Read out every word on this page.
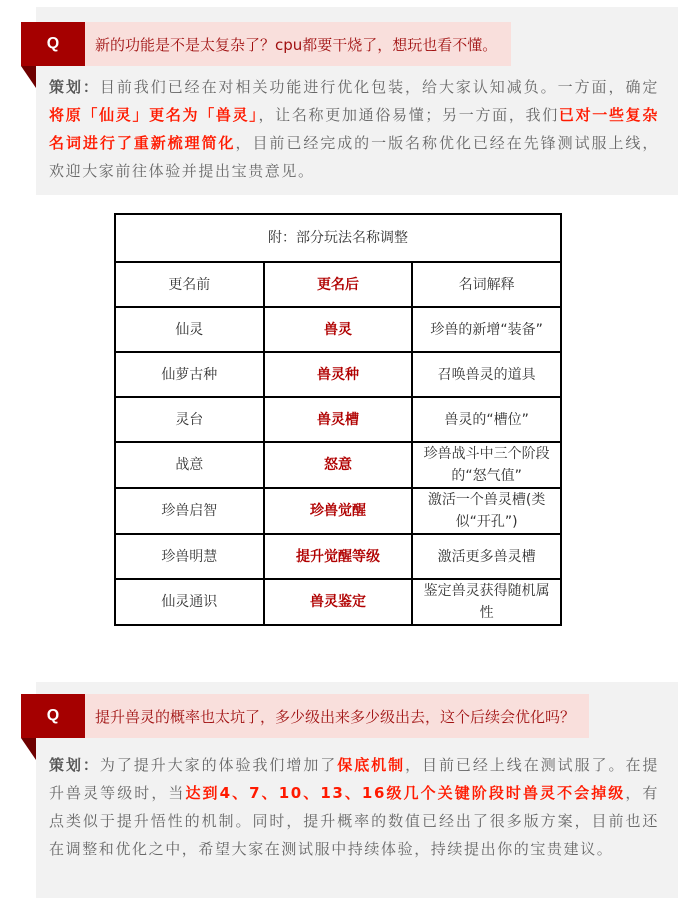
Q	新的功能是不是太复杂了？cpu都要干烧了，想玩也看不懂。
策划：目前我们已经在对相关功能进行优化包装，给大家认知减负。一方面，确定将原「仙灵」更名为「兽灵」，让名称更加通俗易懂；另一方面，我们已对一些复杂名词进行了重新梳理简化，目前已经完成的一版名称优化已经在先锋测试服上线，欢迎大家前往体验并提出宝贵意见。
附：部分玩法名称调整		
更名前	更名后	名词解释
仙灵	兽灵	珍兽的新增“装备”
仙萝古种	兽灵种	召唤兽灵的道具
灵台	兽灵槽	兽灵的“槽位”
战意	怒意	珍兽战斗中三个阶段的“怒气值”
珍兽启智	珍兽觉醒	激活一个兽灵槽(类似“开孔”)
珍兽明慧	提升觉醒等级	激活更多兽灵槽
仙灵通识	兽灵鉴定	鉴定兽灵获得随机属性
Q	提升兽灵的概率也太坑了，多少级出来多少级出去，这个后续会优化吗？
策划：为了提升大家的体验我们增加了保底机制，目前已经上线在测试服了。在提升兽灵等级时，当达到4、7、10、13、16级几个关键阶段时兽灵不会掉级，有点类似于提升悟性的机制。同时，提升概率的数值已经出了很多版方案，目前也还在调整和优化之中，希望大家在测试服中持续体验，持续提出你的宝贵建议。
